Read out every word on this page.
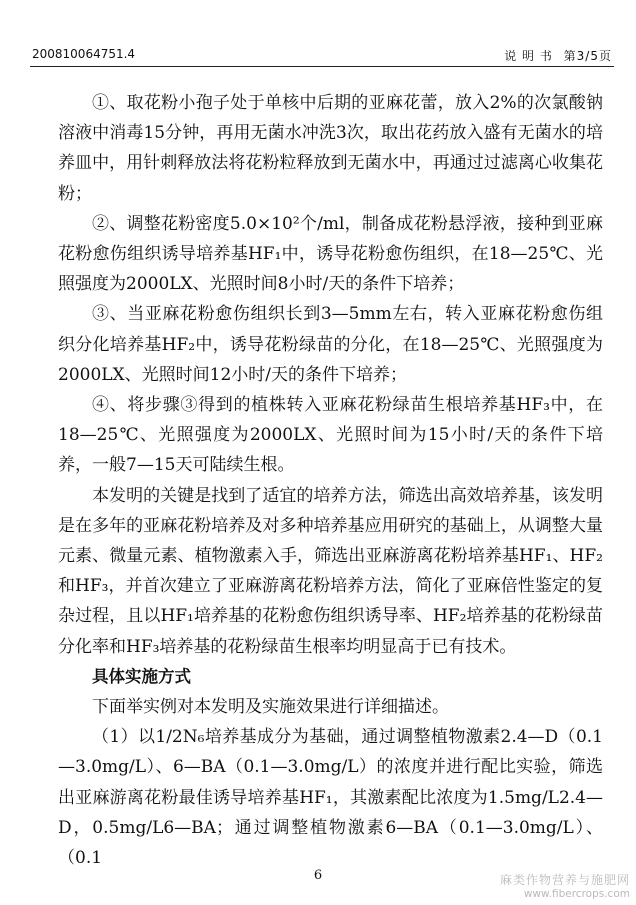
200810064751.4	说 明 书 第3/5页

①、取花粉小孢子处于单核中后期的亚麻花蕾，放入2%的次氯酸钠溶液中消毒15分钟，再用无菌水冲洗3次，取出花药放入盛有无菌水的培养皿中，用针刺释放法将花粉粒释放到无菌水中，再通过过滤离心收集花粉；

②、调整花粉密度5.0×10²个/ml，制备成花粉悬浮液，接种到亚麻花粉愈伤组织诱导培养基HF₁中，诱导花粉愈伤组织，在18—25℃、光照强度为2000LX、光照时间8小时/天的条件下培养；

③、当亚麻花粉愈伤组织长到3—5mm左右，转入亚麻花粉愈伤组织分化培养基HF₂中，诱导花粉绿苗的分化，在18—25℃、光照强度为2000LX、光照时间12小时/天的条件下培养；

④、将步骤③得到的植株转入亚麻花粉绿苗生根培养基HF₃中，在18—25℃、光照强度为2000LX、光照时间为15小时/天的条件下培养，一般7—15天可陆续生根。

本发明的关键是找到了适宜的培养方法，筛选出高效培养基，该发明是在多年的亚麻花粉培养及对多种培养基应用研究的基础上，从调整大量元素、微量元素、植物激素入手，筛选出亚麻游离花粉培养基HF₁、HF₂和HF₃，并首次建立了亚麻游离花粉培养方法，简化了亚麻倍性鉴定的复杂过程，且以HF₁培养基的花粉愈伤组织诱导率、HF₂培养基的花粉绿苗分化率和HF₃培养基的花粉绿苗生根率均明显高于已有技术。

具体实施方式

下面举实例对本发明及实施效果进行详细描述。

（1）以1/2N₆培养基成分为基础，通过调整植物激素2.4—D（0.1—3.0mg/L）、6—BA（0.1—3.0mg/L）的浓度并进行配比实验，筛选出亚麻游离花粉最佳诱导培养基HF₁，其激素配比浓度为1.5mg/L2.4—D，0.5mg/L6—BA；通过调整植物激素6—BA（0.1—3.0mg/L）、（0.1

6	麻类作物营养与施肥网
www.fibercrops.com
